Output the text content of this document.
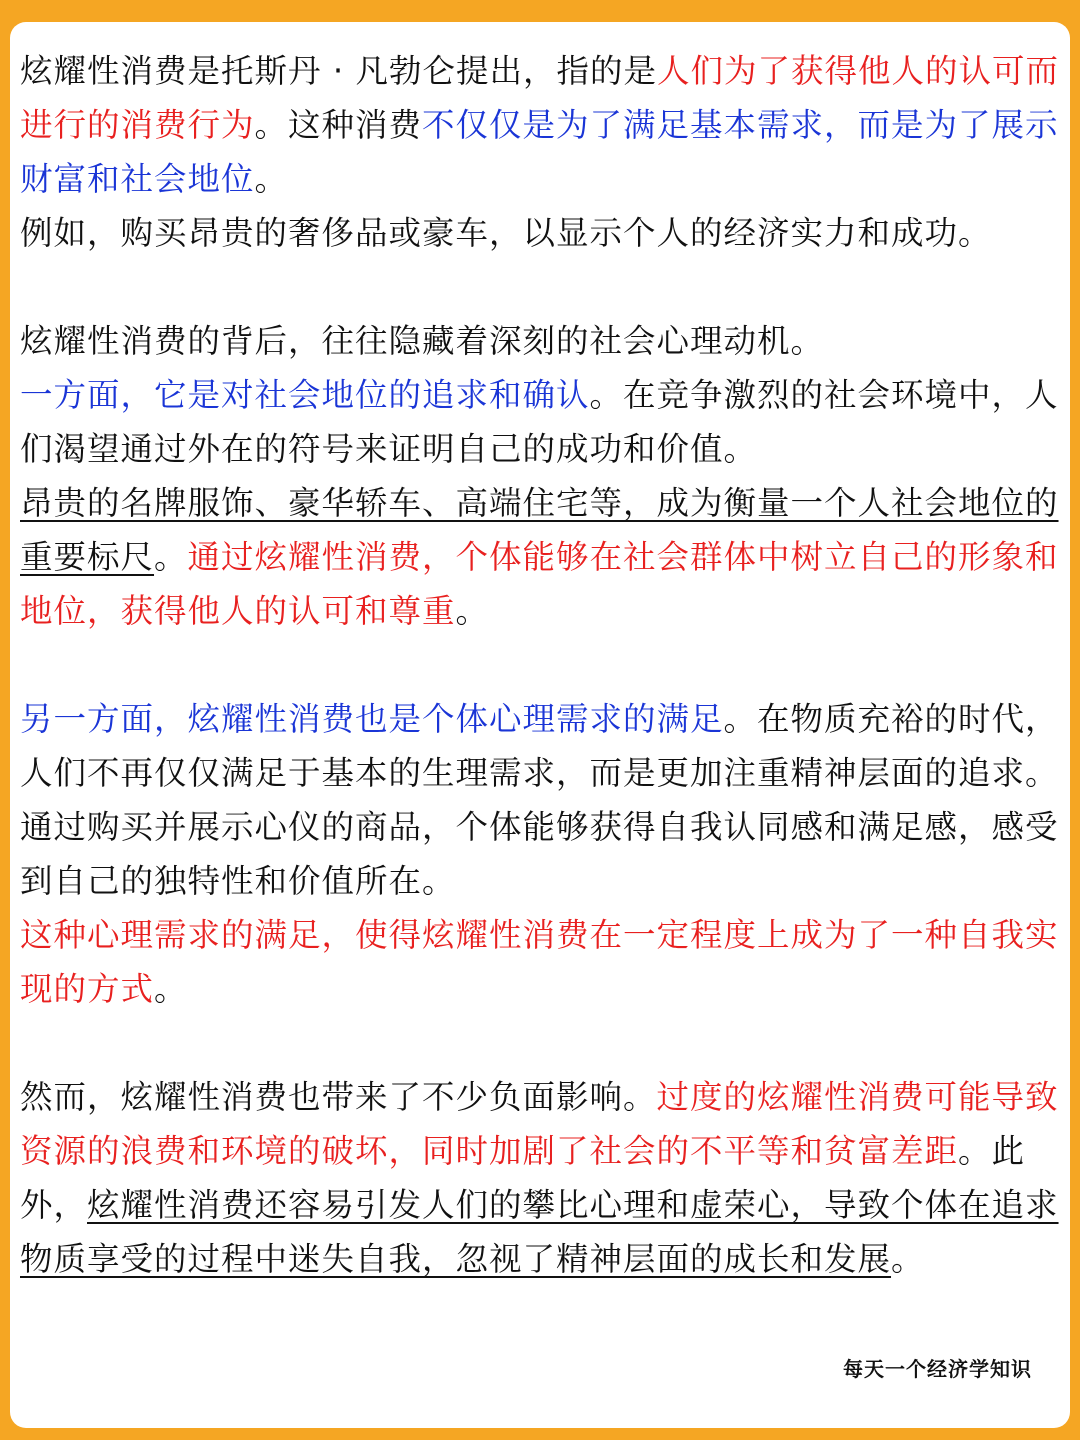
炫耀性消费是托斯丹 · 凡勃仑提出，指的是人们为了获得他人的认可而进行的消费行为。这种消费不仅仅是为了满足基本需求，而是为了展示财富和社会地位。

例如，购买昂贵的奢侈品或豪车，以显示个人的经济实力和成功。

炫耀性消费的背后，往往隐藏着深刻的社会心理动机。

一方面，它是对社会地位的追求和确认。在竞争激烈的社会环境中，人们渴望通过外在的符号来证明自己的成功和价值。

昂贵的名牌服饰、豪华轿车、高端住宅等，成为衡量一个人社会地位的重要标尺。通过炫耀性消费，个体能够在社会群体中树立自己的形象和地位，获得他人的认可和尊重。

另一方面，炫耀性消费也是个体心理需求的满足。在物质充裕的时代，人们不再仅仅满足于基本的生理需求，而是更加注重精神层面的追求。通过购买并展示心仪的商品，个体能够获得自我认同感和满足感，感受到自己的独特性和价值所在。

这种心理需求的满足，使得炫耀性消费在一定程度上成为了一种自我实现的方式。

然而，炫耀性消费也带来了不少负面影响。过度的炫耀性消费可能导致资源的浪费和环境的破坏，同时加剧了社会的不平等和贫富差距。此外，炫耀性消费还容易引发人们的攀比心理和虚荣心，导致个体在追求物质享受的过程中迷失自我，忽视了精神层面的成长和发展。

每天一个经济学知识
